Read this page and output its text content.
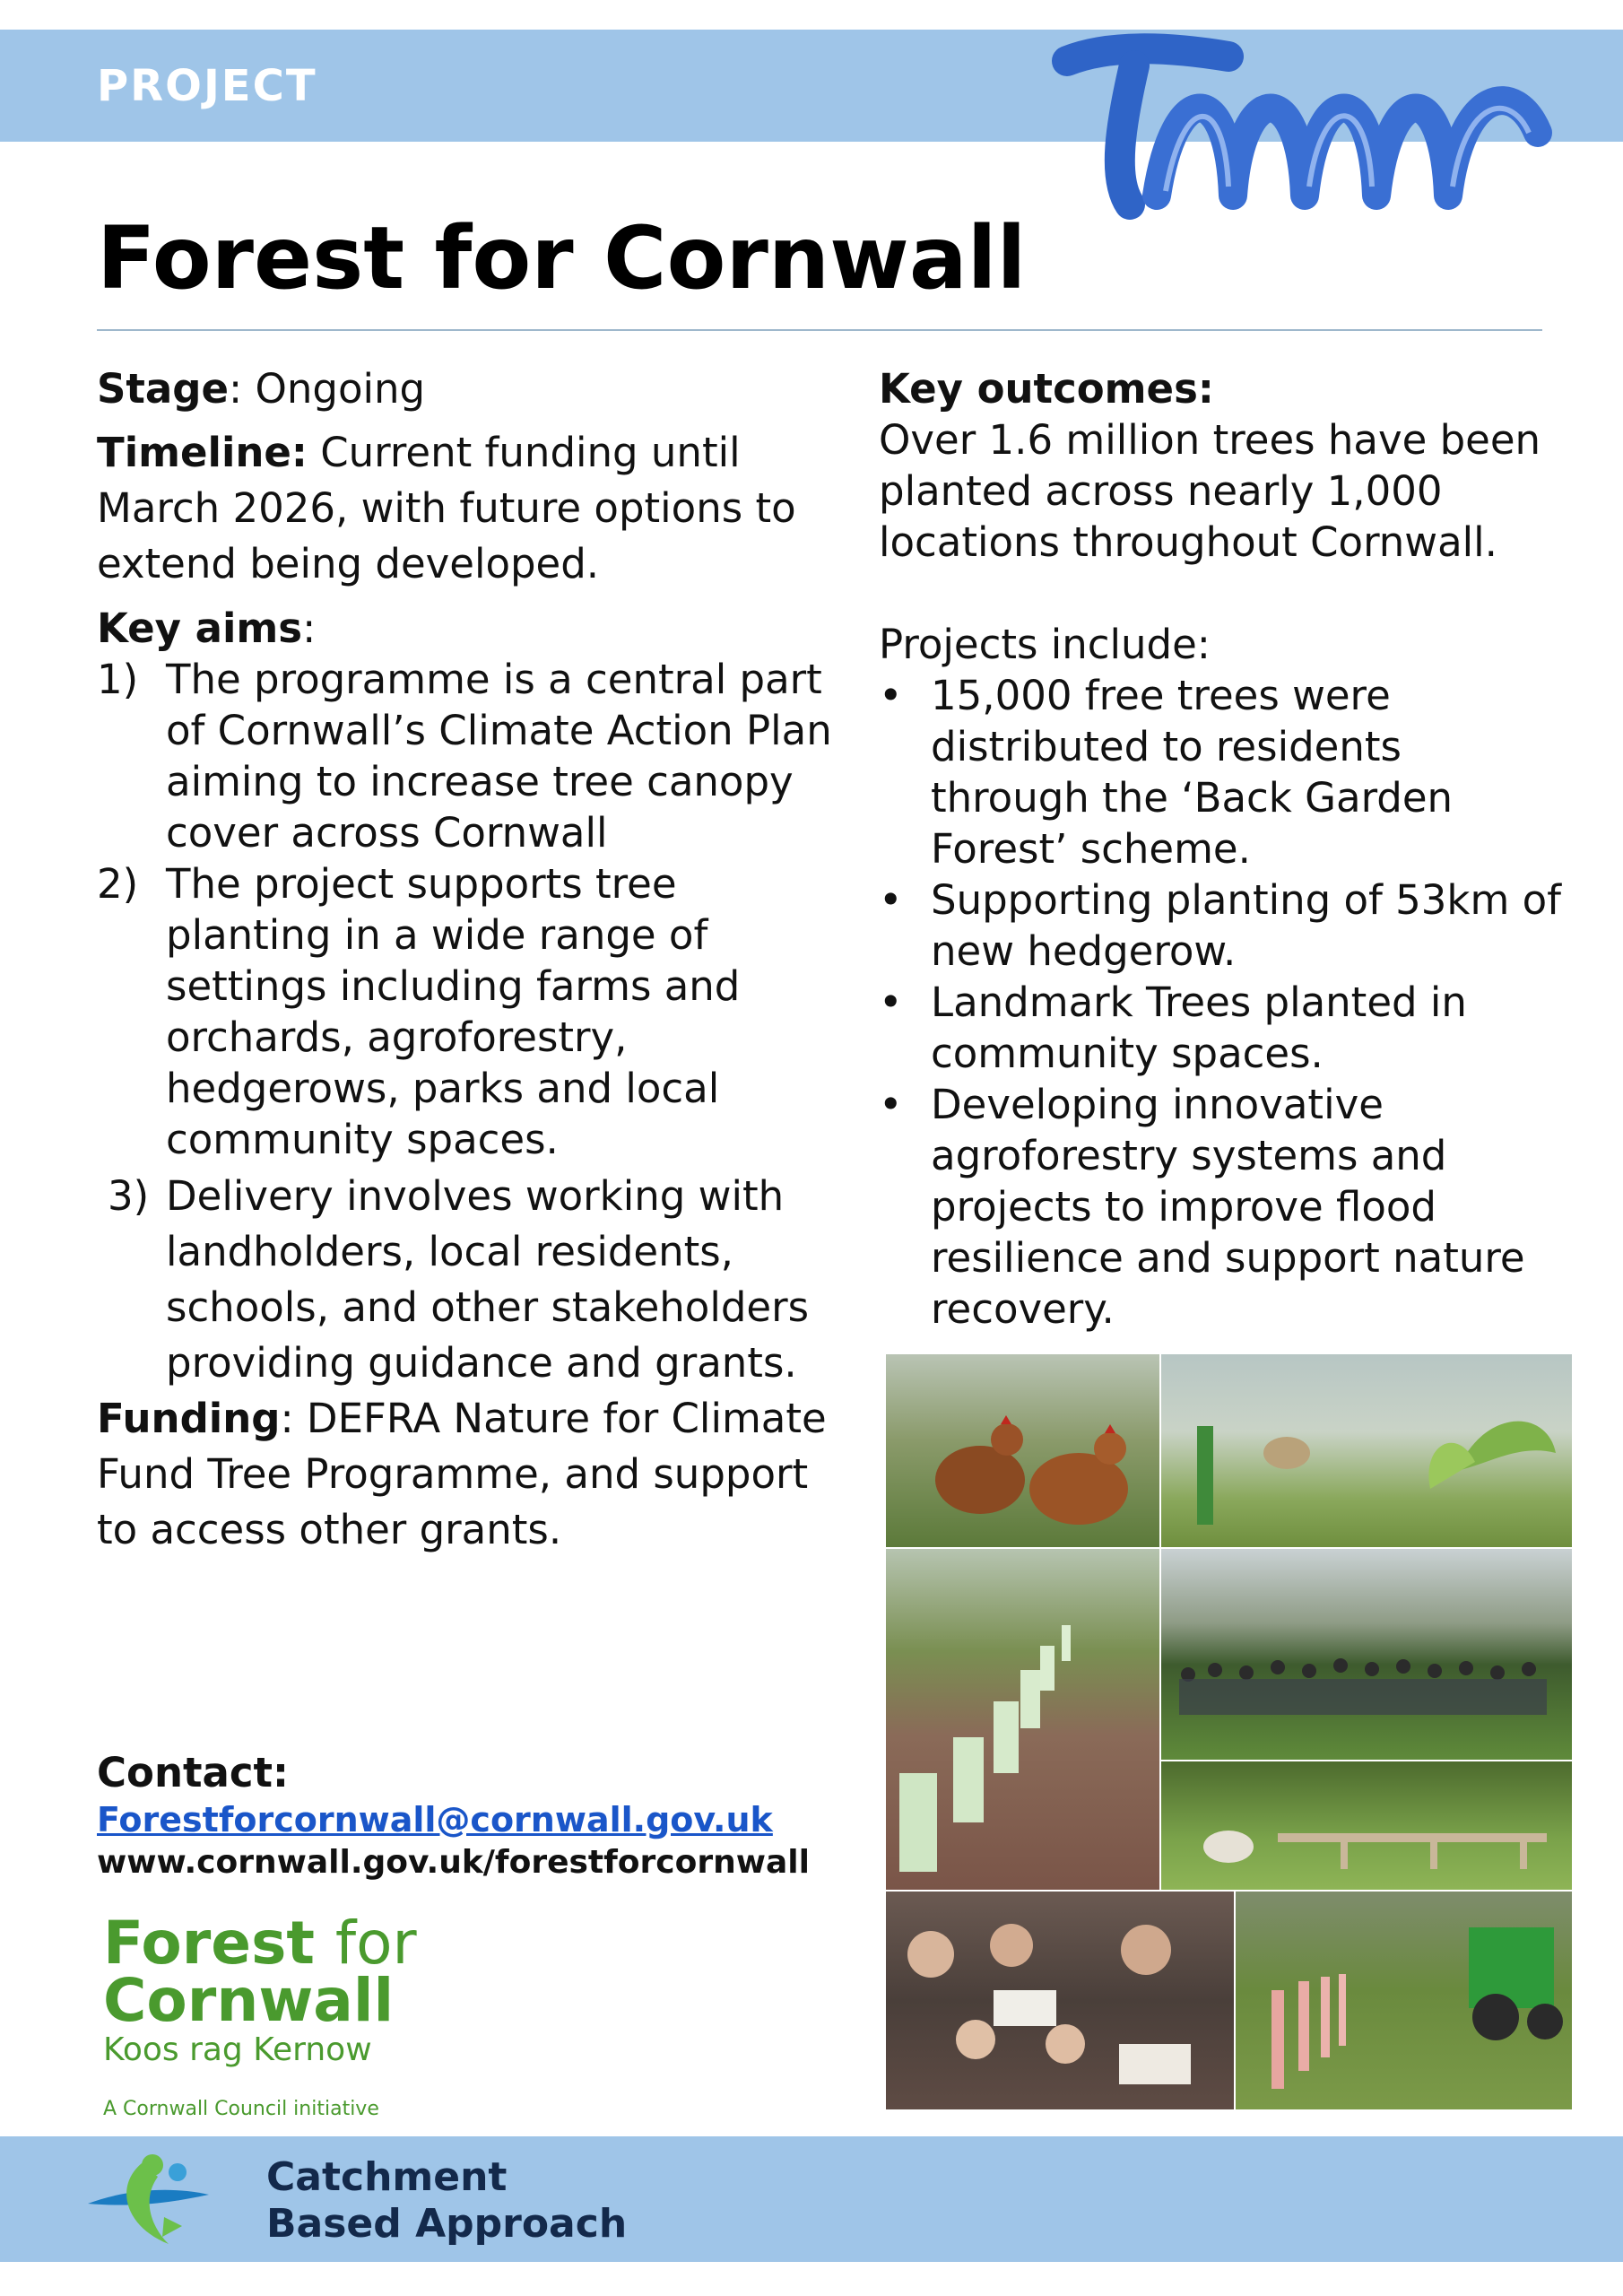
PROJECT
Forest for Cornwall

Stage: Ongoing

Timeline: Current funding until March 2026, with future options to extend being developed.

Key aims:

1) The programme is a central part of Cornwall’s Climate Action Plan aiming to increase tree canopy cover across Cornwall
2) The project supports tree planting in a wide range of settings including farms and orchards, agroforestry, hedgerows, parks and local community spaces.
3) Delivery involves working with landholders, local residents, schools, and other stakeholders providing guidance and grants.

Funding: DEFRA Nature for Climate Fund Tree Programme, and support to access other grants.

Contact:
Forestforcornwall@cornwall.gov.uk
www.cornwall.gov.uk/forestforcornwall
Forest for
Cornwall
Koos rag Kernow
A Cornwall Council initiative

Key outcomes:

Over 1.6 million trees have been planted across nearly 1,000 locations throughout Cornwall.

Projects include:

• 15,000 free trees were distributed to residents through the ‘Back Garden Forest’ scheme.
• Supporting planting of 53km of new hedgerow.
• Landmark Trees planted in community spaces.
• Developing innovative agroforestry systems and projects to improve flood resilience and support nature recovery.
Catchment
Based Approach
